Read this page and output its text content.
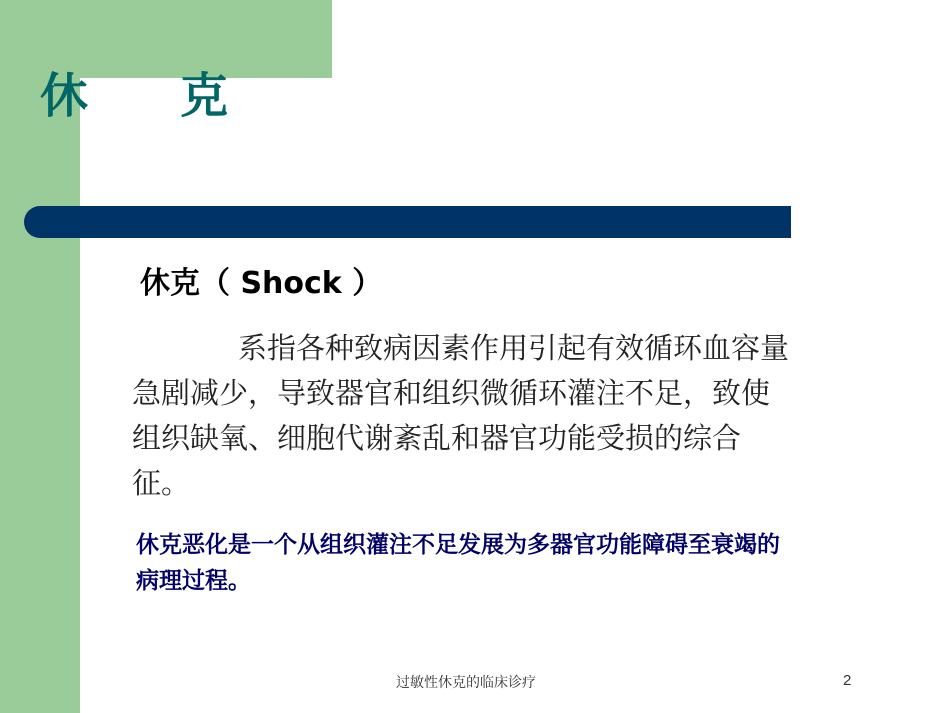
休克
休克（ Shock ）

系指各种致病因素作用引起有效循环血容量急剧减少，导致器官和组织微循环灌注不足，致使组织缺氧、细胞代谢紊乱和器官功能受损的综合征。

休克恶化是一个从组织灌注不足发展为多器官功能障碍至衰竭的病理过程。

过敏性休克的临床诊疗	2
